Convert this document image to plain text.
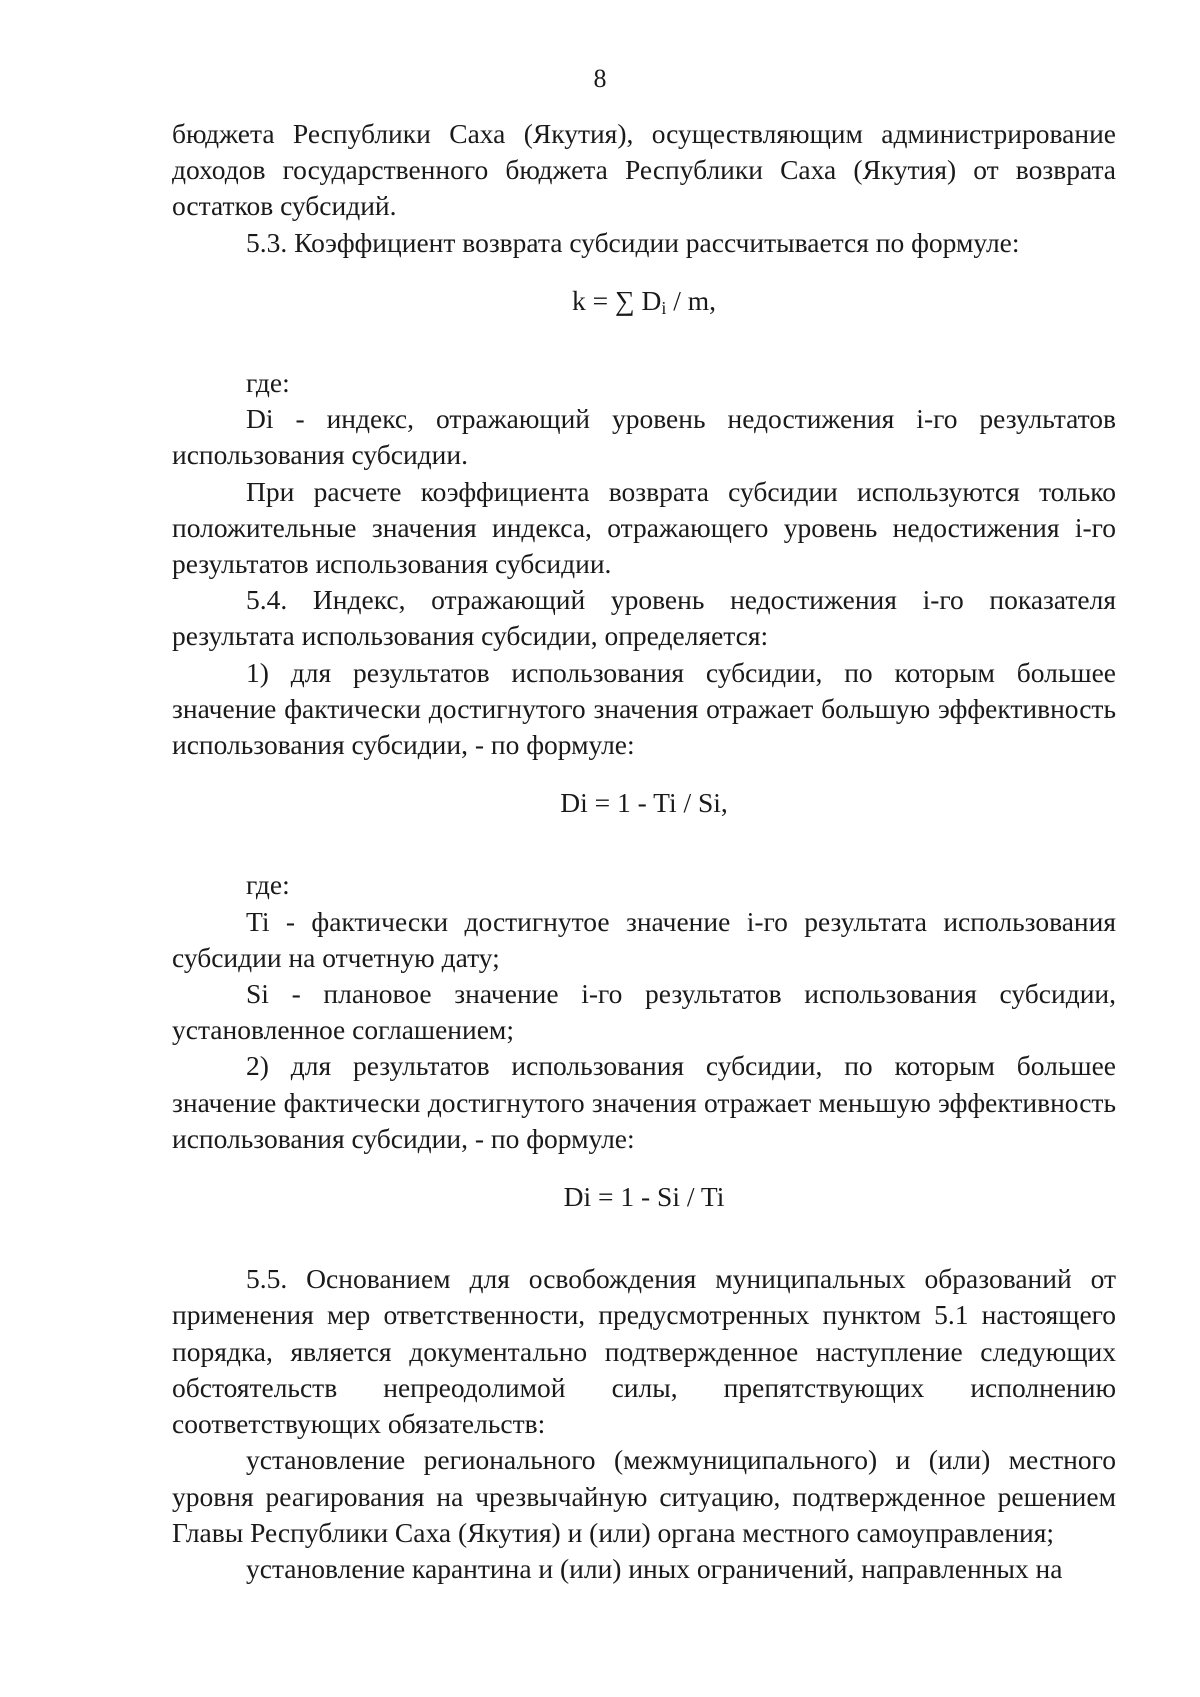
8

бюджета Республики Саха (Якутия), осуществляющим администрирование доходов государственного бюджета Республики Саха (Якутия) от возврата остатков субсидий.

5.3. Коэффициент возврата субсидии рассчитывается по формуле:

k = ∑ $D_i$ / m,

где:

Di - индекс, отражающий уровень недостижения i-го результатов использования субсидии.

При расчете коэффициента возврата субсидии используются только положительные значения индекса, отражающего уровень недостижения i-го результатов использования субсидии.

5.4. Индекс, отражающий уровень недостижения i-го показателя результата использования субсидии, определяется:

1) для результатов использования субсидии, по которым большее значение фактически достигнутого значения отражает большую эффективность использования субсидии, - по формуле:

Di = 1 - Ti / Si,

где:

Ti - фактически достигнутое значение i-го результата использования субсидии на отчетную дату;

Si - плановое значение i-го результатов использования субсидии, установленное соглашением;

2) для результатов использования субсидии, по которым большее значение фактически достигнутого значения отражает меньшую эффективность использования субсидии, - по формуле:

Di = 1 - Si / Ti

5.5. Основанием для освобождения муниципальных образований от применения мер ответственности, предусмотренных пунктом 5.1 настоящего порядка, является документально подтвержденное наступление следующих обстоятельств непреодолимой силы, препятствующих исполнению соответствующих обязательств:

установление регионального (межмуниципального) и (или) местного уровня реагирования на чрезвычайную ситуацию, подтвержденное решением Главы Республики Саха (Якутия) и (или) органа местного самоуправления;

установление карантина и (или) иных ограничений, направленных на
